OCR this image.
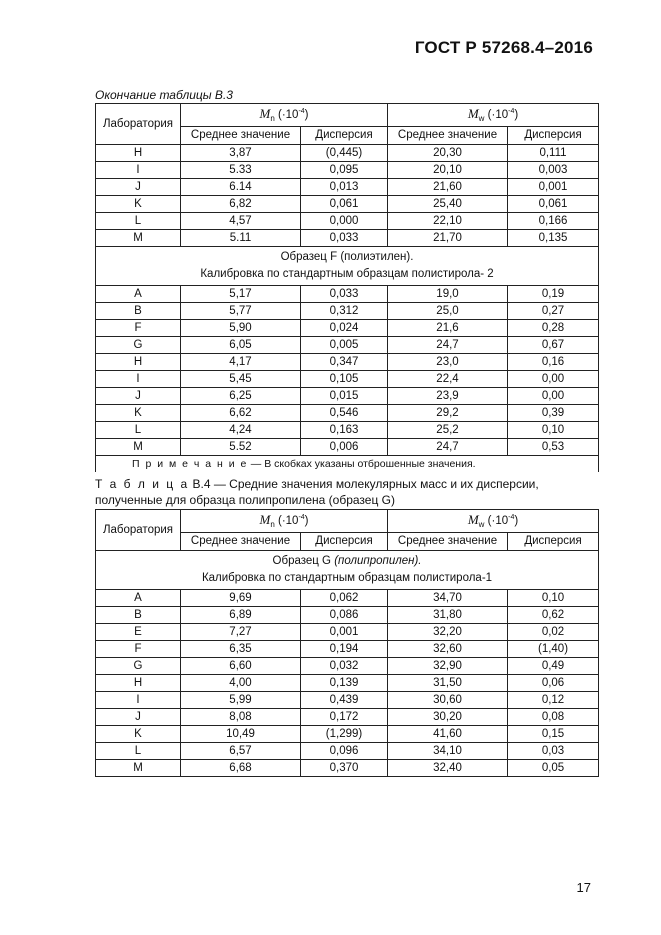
ГОСТ Р 57268.4–2016
Окончание таблицы В.3
Лаборатория	$M_n$ $(\cdot 10^{-4})$		$M_w$ $(\cdot 10^{-4})$	
	Среднее значение	Дисперсия	Среднее значение	Дисперсия
H	3,87	(0,445)	20,30	0,111
I	5.33	0,095	20,10	0,003
J	6.14	0,013	21,60	0,001
K	6,82	0,061	25,40	0,061
L	4,57	0,000	22,10	0,166
M	5.11	0,033	21,70	0,135

Образец F (полиэтилен).
Калибровка по стандартным образцам полистирола- 2				

A	5,17	0,033	19,0	0,19
B	5,77	0,312	25,0	0,27
F	5,90	0,024	21,6	0,28
G	6,05	0,005	24,7	0,67
H	4,17	0,347	23,0	0,16
I	5,45	0,105	22,4	0,00
J	6,25	0,015	23,9	0,00
K	6,62	0,546	29,2	0,39
L	4,24	0,163	25,2	0,10
M	5.52	0,006	24,7	0,53
П р и м е ч а н и е — В скобках указаны отброшенные значения.				
Т а б л и ц а В.4 — Средние значения молекулярных масс и их дисперсии, полученные для образца полипропилена (образец G)
Лаборатория	$M_n$ $(\cdot 10^{-4})$		$M_w$ $(\cdot 10^{-4})$	
	Среднее значение	Дисперсия	Среднее значение	Дисперсия

Образец G (полипропилен).
Калибровка по стандартным образцам полистирола-1				

A	9,69	0,062	34,70	0,10
B	6,89	0,086	31,80	0,62
E	7,27	0,001	32,20	0,02
F	6,35	0,194	32,60	(1,40)
G	6,60	0,032	32,90	0,49
H	4,00	0,139	31,50	0,06
I	5,99	0,439	30,60	0,12
J	8,08	0,172	30,20	0,08
K	10,49	(1,299)	41,60	0,15
L	6,57	0,096	34,10	0,03
M	6,68	0,370	32,40	0,05
17
